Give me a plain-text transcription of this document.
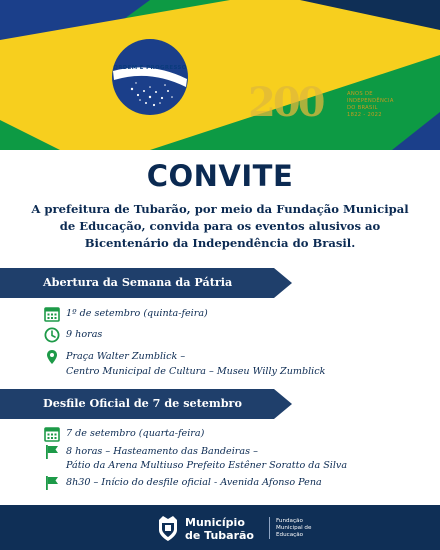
ORDEM E PROGRESSO
200	ANOS DE
INDEPENDÊNCIA
DO BRASIL
1822 - 2022
CONVITE
A prefeitura de Tubarão, por meio da Fundação Municipal
de Educação, convida para os eventos alusivos ao
Bicentenário da Independência do Brasil.
Abertura da Semana da Pátria
1º de setembro (quinta-feira)
9 horas
Praça Walter Zumblick –
Centro Municipal de Cultura – Museu Willy Zumblick
Desfile Oficial de 7 de setembro
7 de setembro (quarta-feira)
8 horas – Hasteamento das Bandeiras –
Pátio da Arena Multiuso Prefeito Estêner Soratto da Silva
8h30 – Início do desfile oficial - Avenida Afonso Pena
Município
de Tubarão
Fundação
Municipal de
Educação
